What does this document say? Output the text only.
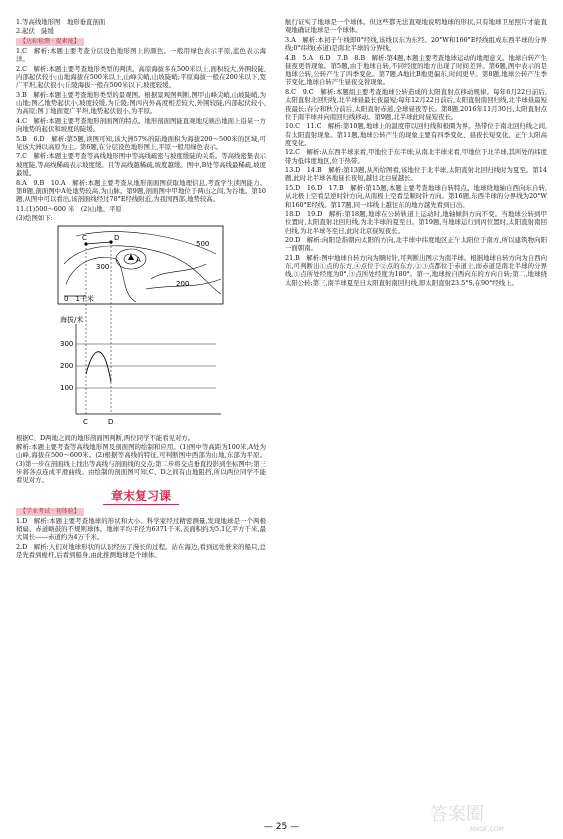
1.等高线地形图　地形垂直剖面

2.起伏　陡缓

【达标检测 · 提素能】

1.C　解析:本题主要考查分层设色地形图上的颜色。一般用绿色表示平原,蓝色表示海洋。

2.C　解析:本题主要考查地形类型的判读。高原海拔多在500米以上,面积较大,外围较陡,内部起伏较小;山地海拔在500米以上,山峰尖峭,山坡陡峭;平原海拔一般在200米以下,宽广平坦,起伏很小;丘陵海拔一般在500米以下,坡度较缓。

3.B　解析:本题主要考查地形类型的景观图。根据景观图判断,图甲山峰尖峭,山坡陡峭,为山地;图乙地势起伏小,坡度较缓,为丘陵;图丙内外高度相差较大,外围较陡,内部起伏较小,为高原;图丁地面宽广平坦,地势起伏很小,为平原。

4.C　解析:本题主要考查地形剖面图的特点。地形剖面图能直观地反映出地面上沿某一方向地势的起伏和坡度的陡缓。

5.B　6.D　解析:第5题,读图可知,该大洲57%的陆地面积为海拔200～500米的区域,可见该大洲以高原为主。第6题,在分层设色地形图上,平原一般用绿色表示。

7.C　解析:本题主要考查等高线地形图中等高线疏密与坡度缓陡的关系。等高线密集表示坡度陡,等高线稀疏表示坡度缓。且等高线越稀疏,坡度越缓。图中,B处等高线最稀疏,坡度最缓。

8.A　9.B　10.A　解析:本题主要考查从地形剖面图获取地理信息,考查学生读图能力。第8题,剖面图中A处地势较高,为山脉。第9题,剖面图中甲地位于两山之间,为谷地。第10题,从图中可以看出,该剖面线经过78°E经线附近,为我国西部,地势较高。

11.(1)500～600 米　(2)山地、平原

(3)绘图如下:

C	D
A
500
300
200
0　1千米
海拔/米
300
200
100
C	D

根据C、D两地之间的地形剖面图判断,两位同学不能看见对方。

解析:本题主要考查等高线地形图及剖面图的绘制和应用。(1)图中等高距为100米,A处为山峰,海拔在500～600米。(2)根据等高线的特征,可判断图中西部为山地,东部为平原。(3)第一步在剖面线上找出等高线与剖面线的交点;第二步将交点垂直投影到坐标图中;第三步将各点连成平滑曲线。由绘制的剖面图可知,C、D之间有山地阻挡,所以两位同学不能看见对方。

章末复习课
【学业考试 · 初体验】

1.D　解析:本题主要考查地球的形状和大小。科学家经过精密测量,发现地球是一个两极稍扁、赤道略鼓的不规则球体。地球平均半径为6371千米,表面积约为5.1亿平方千米,最大周长——赤道约为4万千米。

2.D　解析:人们对地球形状的认识经历了漫长的过程。站在海边,看到远处驶来的船只,总是先看到桅杆,后看到船身,由此推测地球是个球体。

航行证实了地球是一个球体。但这些都无法直观地说明地球的形状,只有地球卫星照片才能直观地确证地球是一个球体。

3.A　解析:本初子午线即0°经线,该线以东为东经。20°W和160°E经线组成东西半球的分界线;0°纬线(赤道)是南北半球的分界线。

4.B　5.A　6.D　7.B　8.B　解析:第4题,本题主要考查地球运动的地理意义。地球自转产生昼夜更替现象。第5题,由于地球自转,不同经度的地方出现了时间差异。第6题,图中表示的是地球公转,公转产生了四季变化。第7题,A地比B地更偏东,时间更早。第8题,地球公转产生季节变化,地球自转产生昼夜交替现象。

8.C　9.C　解析:本题组主要考查地球公转造成的太阳直射点移动规律。每年6月22日前后,太阳直射北回归线,北半球昼最长夜最短;每年12月22日前后,太阳直射南回归线,北半球昼最短夜最长;春分和秋分前后,太阳直射赤道,全球昼夜等长。第8题,2016年11月30日,太阳直射点位于南半球并向南回归线移动。第9题,北半球此时昼短夜长。

10.C　11.C　解析:第10题,地球上的温度带以回归线和极圈为界。热带位于南北回归线之间,有太阳直射现象。第11题,地球公转产生的现象主要有四季变化、昼夜长短变化、正午太阳高度变化。

12.C　解析:从东西半球来看,甲地位于东半球;从南北半球来看,甲地位于北半球,其所处的纬度带为低纬度地区,位于热带。

13.D　14.B　解析:第13题,从所给图看,该地位于北半球,太阳直射北回归线时为夏至。第14题,此时北半球各地昼长夜短,越往北白昼越长。

15.D　16.D　17.B　解析:第15题,本题主要考查地球自转特点。地球绕地轴自西向东自转,从北极上空看呈逆时针方向,从南极上空看呈顺时针方向。第16题,东西半球的分界线为20°W和160°E经线。第17题,同一纬线上越往东的地方越先看到日出。

18.D　19.D　解析:第18题,地球在公转轨道上运动时,地轴倾斜方向不变。当地球公转到甲位置时,太阳直射北回归线,为北半球的夏至日。第19题,当地球运行到丙位置时,太阳直射南回归线,为北半球冬至日,此时北京昼短夜长。

20.D　解析:向阳是指朝向太阳的方向,北半球中纬度地区正午太阳位于南方,所以建筑物向阳一面朝南。

21.B　解析:图中地球自转方向为顺时针,可判断出图示为南半球。根据地球自转方向为自西向东,可判断出①点的东方,④点位于②点的东方,②③点都位于赤道上,而赤道是南北半球的分界线,①点所处经度为0°,③点所处经度为180°。第一,地球按自西向东的方向自转;第二,地球绕太阳公转;第三,南半球夏至日太阳直射南回归线,即太阳直射23.5°S,在90°经线上。

— 25 —
答案圈
MXQE.COM
